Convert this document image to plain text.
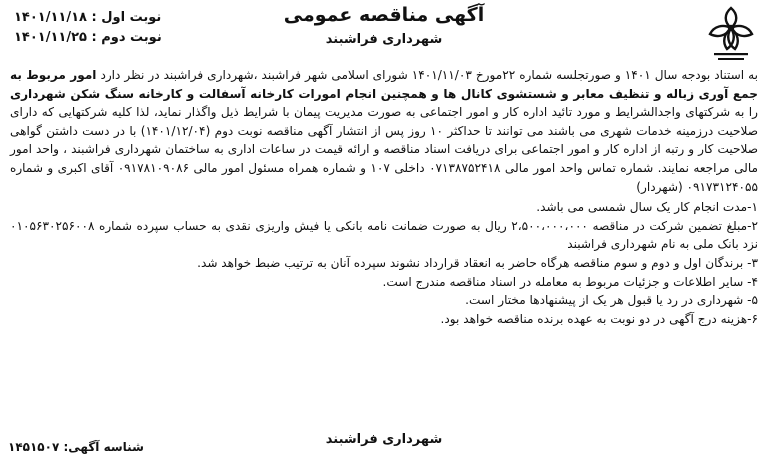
نوبت اول : ۱۴۰۱/۱۱/۱۸
نوبت دوم : ۱۴۰۱/۱۱/۲۵
آگهی مناقصه عمومی
شهرداری فراشبند

به استناد بودجه سال ۱۴۰۱ و صورتجلسه شماره ۲۲مورخ ۱۴۰۱/۱۱/۰۳ شورای اسلامی شهر فراشبند ،شهرداری فراشبند در نظر دارد امور مربوط به جمع آوری زباله و تنظیف معابر و شستشوی کانال ها و همچنین انجام امورات کارخانه آسفالت و کارخانه سنگ شکن شهرداری را به شرکتهای واجدالشرایط و مورد تائید اداره کار و امور اجتماعی به صورت مدیریت پیمان با شرایط ذیل واگذار نماید، لذا کلیه شرکتهایی که دارای صلاحیت درزمینه خدمات شهری می باشند می توانند تا حداکثر ۱۰ روز پس از انتشار آگهی مناقصه نوبت دوم (۱۴۰۱/۱۲/۰۴) با در دست داشتن گواهی صلاحیت کار و رتبه از اداره کار و امور اجتماعی برای دریافت اسناد مناقصه و ارائه قیمت در ساعات اداری به ساختمان شهرداری فراشبند ، واحد امور مالی مراجعه نمایند. شماره تماس واحد امور مالی ۰۷۱۳۸۷۵۲۴۱۸ داخلی ۱۰۷ و شماره همراه مسئول امور مالی ۰۹۱۷۸۱۰۹۰۸۶ آقای اکبری و شماره ۰۹۱۷۳۱۲۴۰۵۵ (شهردار)

۱-مدت انجام کار یک سال شمسی می باشد.

۲-مبلغ تضمین شرکت در مناقصه ۲،۵۰۰،۰۰۰،۰۰۰ ریال به صورت ضمانت نامه بانکی یا فیش واریزی نقدی به حساب سپرده شماره ۰۱۰۵۶۳۰۲۵۶۰۰۸ نزد بانک ملی به نام شهرداری فراشبند

۳- برندگان اول و دوم و سوم مناقصه هرگاه حاضر به انعقاد قرارداد نشوند سپرده آنان به ترتیب ضبط خواهد شد.

۴- سایر اطلاعات و جزئیات مربوط به معامله در اسناد مناقصه مندرج است.

۵- شهرداری در رد یا قبول هر یک از پیشنهادها مختار است.

۶-هزینه درج آگهی در دو نوبت به عهده برنده مناقصه خواهد بود.

شهرداری فراشبند
شناسه آگهی: ۱۴۵۱۵۰۷
